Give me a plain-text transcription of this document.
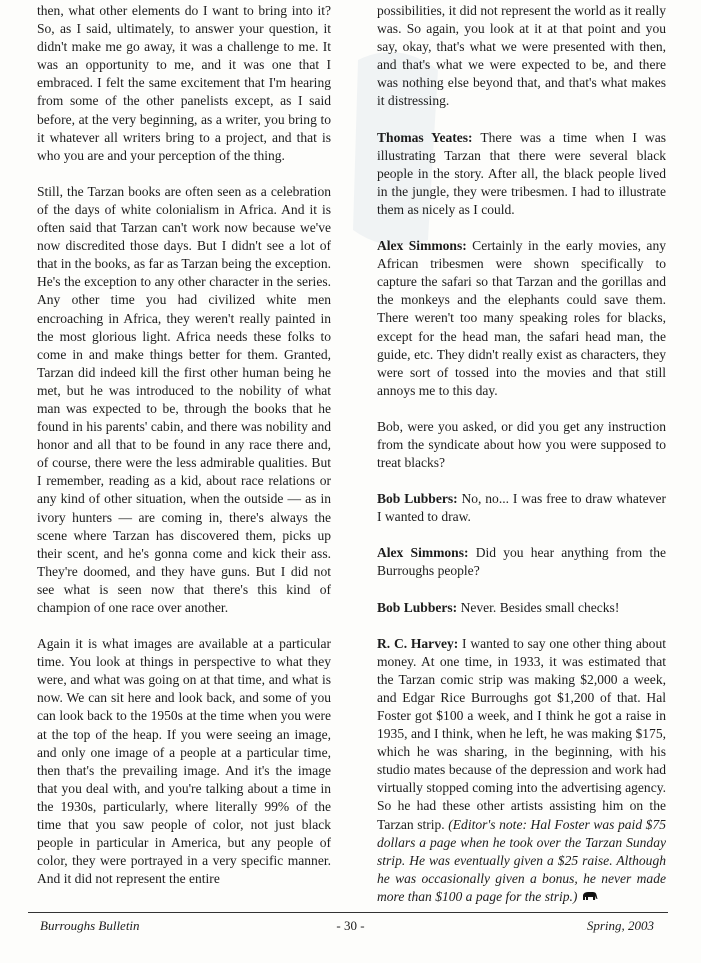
then, what other elements do I want to bring into it? So, as I said, ultimately, to answer your question, it didn't make me go away, it was a challenge to me. It was an opportunity to me, and it was one that I embraced. I felt the same excitement that I'm hearing from some of the other panelists except, as I said before, at the very beginning, as a writer, you bring to it whatever all writers bring to a project, and that is who you are and your perception of the thing.

Still, the Tarzan books are often seen as a celebration of the days of white colonialism in Africa. And it is often said that Tarzan can't work now because we've now discredited those days. But I didn't see a lot of that in the books, as far as Tarzan being the exception. He's the exception to any other character in the series. Any other time you had civilized white men encroaching in Africa, they weren't really painted in the most glorious light. Africa needs these folks to come in and make things better for them. Granted, Tarzan did indeed kill the first other human being he met, but he was introduced to the nobility of what man was expected to be, through the books that he found in his parents' cabin, and there was nobility and honor and all that to be found in any race there and, of course, there were the less admirable qualities. But I remember, reading as a kid, about race relations or any kind of other situation, when the outside — as in ivory hunters — are coming in, there's always the scene where Tarzan has discovered them, picks up their scent, and he's gonna come and kick their ass. They're doomed, and they have guns. But I did not see what is seen now that there's this kind of champion of one race over another.

Again it is what images are available at a particular time. You look at things in perspective to what they were, and what was going on at that time, and what is now. We can sit here and look back, and some of you can look back to the 1950s at the time when you were at the top of the heap. If you were seeing an image, and only one image of a people at a particular time, then that's the prevailing image. And it's the image that you deal with, and you're talking about a time in the 1930s, particularly, where literally 99% of the time that you saw people of color, not just black people in particular in America, but any people of color, they were portrayed in a very specific manner. And it did not represent the entire

possibilities, it did not represent the world as it really was. So again, you look at it at that point and you say, okay, that's what we were presented with then, and that's what we were expected to be, and there was nothing else beyond that, and that's what makes it distressing.

Thomas Yeates: There was a time when I was illustrating Tarzan that there were several black people in the story. After all, the black people lived in the jungle, they were tribesmen. I had to illustrate them as nicely as I could.

Alex Simmons: Certainly in the early movies, any African tribesmen were shown specifically to capture the safari so that Tarzan and the gorillas and the monkeys and the elephants could save them. There weren't too many speaking roles for blacks, except for the head man, the safari head man, the guide, etc. They didn't really exist as characters, they were sort of tossed into the movies and that still annoys me to this day.

Bob, were you asked, or did you get any instruction from the syndicate about how you were supposed to treat blacks?

Bob Lubbers: No, no... I was free to draw whatever I wanted to draw.

Alex Simmons: Did you hear anything from the Burroughs people?

Bob Lubbers: Never. Besides small checks!

R. C. Harvey: I wanted to say one other thing about money. At one time, in 1933, it was estimated that the Tarzan comic strip was making $2,000 a week, and Edgar Rice Burroughs got $1,200 of that. Hal Foster got $100 a week, and I think he got a raise in 1935, and I think, when he left, he was making $175, which he was sharing, in the beginning, with his studio mates because of the depression and work had virtually stopped coming into the advertising agency. So he had these other artists assisting him on the Tarzan strip. (Editor's note: Hal Foster was paid $75 dollars a page when he took over the Tarzan Sunday strip. He was eventually given a $25 raise. Although he was occasionally given a bonus, he never made more than $100 a page for the strip.)

Burroughs Bulletin	- 30 -	Spring, 2003
